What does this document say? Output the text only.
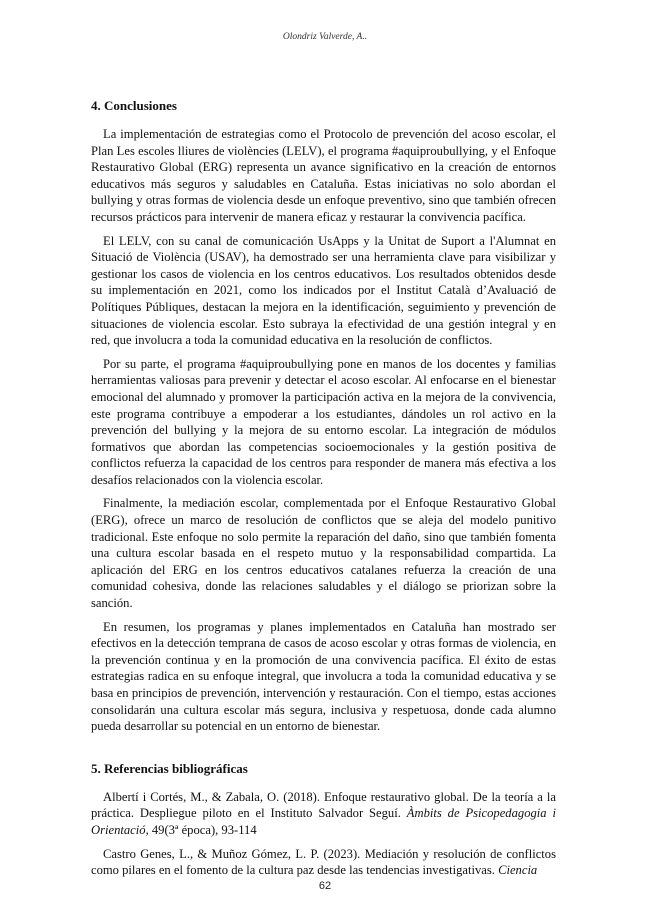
Olondriz Valverde, A..
4. Conclusiones

La implementación de estrategias como el Protocolo de prevención del acoso escolar, el Plan Les escoles lliures de violències (LELV), el programa #aquiproubullying, y el Enfoque Restaurativo Global (ERG) representa un avance significativo en la creación de entornos educativos más seguros y saludables en Cataluña. Estas iniciativas no solo abordan el bullying y otras formas de violencia desde un enfoque preventivo, sino que también ofrecen recursos prácticos para intervenir de manera eficaz y restaurar la convivencia pacífica.

El LELV, con su canal de comunicación UsApps y la Unitat de Suport a l'Alumnat en Situació de Violència (USAV), ha demostrado ser una herramienta clave para visibilizar y gestionar los casos de violencia en los centros educativos. Los resultados obtenidos desde su implementación en 2021, como los indicados por el Institut Català d’Avaluació de Polítiques Públiques, destacan la mejora en la identificación, seguimiento y prevención de situaciones de violencia escolar. Esto subraya la efectividad de una gestión integral y en red, que involucra a toda la comunidad educativa en la resolución de conflictos.

Por su parte, el programa #aquiproubullying pone en manos de los docentes y familias herramientas valiosas para prevenir y detectar el acoso escolar. Al enfocarse en el bienestar emocional del alumnado y promover la participación activa en la mejora de la convivencia, este programa contribuye a empoderar a los estudiantes, dándoles un rol activo en la prevención del bullying y la mejora de su entorno escolar. La integración de módulos formativos que abordan las competencias socioemocionales y la gestión positiva de conflictos refuerza la capacidad de los centros para responder de manera más efectiva a los desafíos relacionados con la violencia escolar.

Finalmente, la mediación escolar, complementada por el Enfoque Restaurativo Global (ERG), ofrece un marco de resolución de conflictos que se aleja del modelo punitivo tradicional. Este enfoque no solo permite la reparación del daño, sino que también fomenta una cultura escolar basada en el respeto mutuo y la responsabilidad compartida. La aplicación del ERG en los centros educativos catalanes refuerza la creación de una comunidad cohesiva, donde las relaciones saludables y el diálogo se priorizan sobre la sanción.

En resumen, los programas y planes implementados en Cataluña han mostrado ser efectivos en la detección temprana de casos de acoso escolar y otras formas de violencia, en la prevención continua y en la promoción de una convivencia pacífica. El éxito de estas estrategias radica en su enfoque integral, que involucra a toda la comunidad educativa y se basa en principios de prevención, intervención y restauración. Con el tiempo, estas acciones consolidarán una cultura escolar más segura, inclusiva y respetuosa, donde cada alumno pueda desarrollar su potencial en un entorno de bienestar.

5. Referencias bibliográficas
Albertí i Cortés, M., & Zabala, O. (2018). Enfoque restaurativo global. De la teoría a la práctica. Despliegue piloto en el Instituto Salvador Seguí. Àmbits de Psicopedagogia i Orientació, 49(3ª época), 93-114
Castro Genes, L., & Muñoz Gómez, L. P. (2023). Mediación y resolución de conflictos como pilares en el fomento de la cultura paz desde las tendencias investigativas. Ciencia
62
